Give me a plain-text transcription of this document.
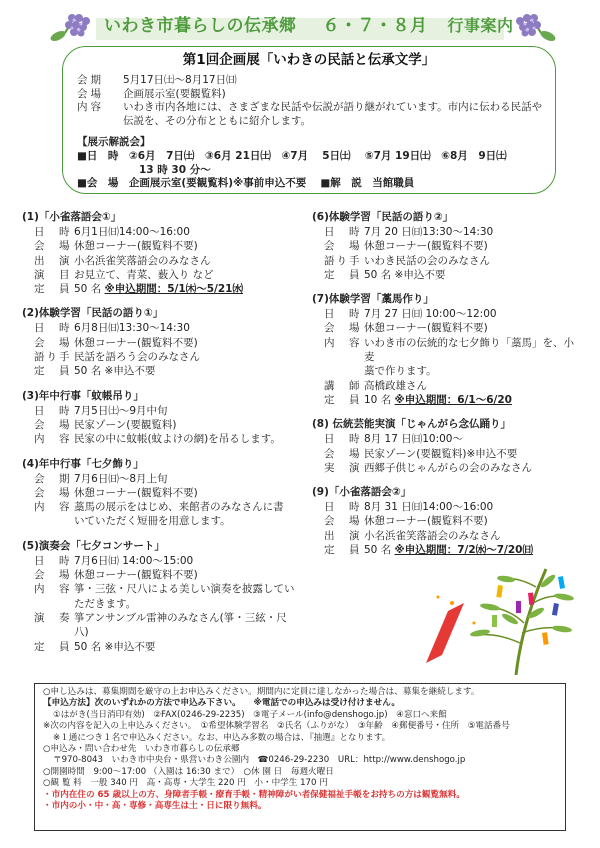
いわき市暮らしの伝承郷 ６・７・８月 行事案内
第1回企画展「いわきの民話と伝承文学」
会期	5月17日㈯～8月17日㈰
会場	企画展示室(要観覧料)
内容	いわき市内各地には、さまざまな民話や伝説が語り継がれています。市内に伝わる民話や
伝説を、その分布とともに紹介します。
【展示解説会】
■日　時　②6月　7日㈯　③6月 21日㈯　④7月　 5日㈯　 ⑤7月 19日㈯　⑥8月　9日㈯
13 時 30 分～
■会　場　企画展示室(要観覧料)※事前申込不要　 ■解　説　当館職員
(1)「小雀落語会①」
日　時 6月1日㈰14:00～16:00
会　場 休憩コーナー(観覧料不要)
出　演 小名浜雀笑落語会のみなさん
演　目 お見立て、青菜、薮入り など
定　員 50 名 ※申込期間：5/1㈭～5/21㈬
(2)体験学習「民話の語り①」
日　時 6月8日㈰13:30～14:30
会　場 休憩コーナー(観覧料不要)
語り手 民話を語ろう会のみなさん
定　員 50 名 ※申込不要
(3)年中行事「蚊帳吊り」
日　時 7月5日㈯～9月中旬
会　場 民家ゾーン(要観覧料)
内　容 民家の中に蚊帳(蚊よけの網)を吊るします。
(4)年中行事「七夕飾り」
会　期 7月6日㈰～8月上旬
会　場 休憩コーナー(観覧料不要)
内　容 藁馬の展示をはじめ、来館者のみなさんに書
いていただく短冊を用意します。
(5)演奏会「七夕コンサート」
日　時 7月6日㈰ 14:00～15:00
会　場 休憩コーナー(観覧料不要)
内　容 箏・三弦・尺八による美しい演奏を披露してい
ただきます。
演　奏 箏アンサンブル雷神のみなさん(箏・三絃・尺
八)
定　員 50 名 ※申込不要
(6)体験学習「民話の語り②」
日　時 7月 20 日㈰13:30～14:30
会　場 休憩コーナー(観覧料不要)
語り手 いわき民話の会のみなさん
定　員 50 名 ※申込不要
(7)体験学習「藁馬作り」
日　時 7月 27 日㈰ 10:00～12:00
会　場 休憩コーナー(観覧料不要)
内　容 いわき市の伝統的な七夕飾り「藁馬」を、小麦
藁で作ります。
講　師 高橋政雄さん
定　員 10 名 ※申込期間：6/1～6/20
(8) 伝統芸能実演「じゃんがら念仏踊り」
日　時 8月 17 日㈰10:00～
会　場 民家ゾーン(要観覧料)※申込不要
実　演 西郷子供じゃんがらの会のみなさん
(9)「小雀落語会②」
日　時 8月 31 日㈰14:00～16:00
会　場 休憩コーナー(観覧料不要)
出　演 小名浜雀笑落語会のみなさん
定　員 50 名 ※申込期間：7/2㈬～7/20㈰
○申し込みは、募集期間を厳守の上お申込みください。期間内に定員に達しなかった場合は、募集を継続します。
【申込方法】次のいずれかの方法で申込み下さい。　　※電話での申込みは受け付けません。
①はがき(当日消印有効)　②FAX(0246-29-2235)　③電子メール(info@denshogo.jp)　④窓口へ来館
※次の内容を記入の上申込みください。　①希望体験学習名　②氏名（ふりがな）　③年齢　④郵便番号・住所　⑤電話番号
※１通につき１名で申込みください。なお、申込み多数の場合は、『抽選』となります。
○申込み・問い合わせ先　いわき市暮らしの伝承郷
〒970-8043　いわき市中央台・県営いわき公園内　☎0246-29-2230　URL：http://www.denshogo.jp
○開園時間　9:00～17:00 （入園は 16:30 まで）　○休 園 日　毎週火曜日
○観 覧 料　一般 340 円　高・高専・大学生 220 円　小・中学生 170 円
・市内在住の 65 歳以上の方、身障者手帳・療育手帳・精神障がい者保健福祉手帳をお持ちの方は観覧無料。
・市内の小・中・高・専修・高専生は土・日に限り無料。
